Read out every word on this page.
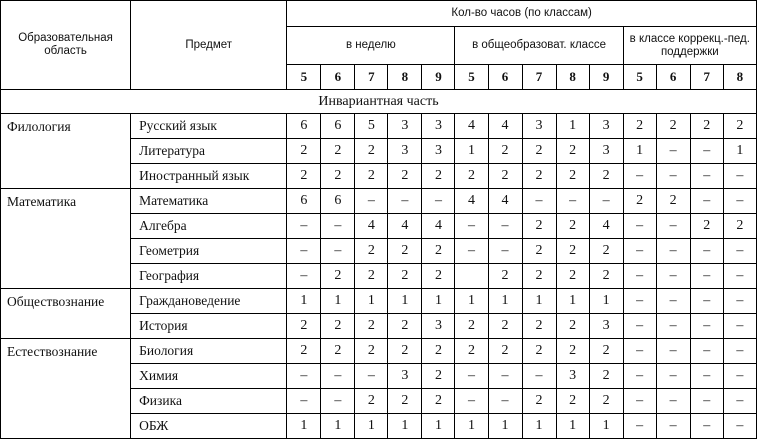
Образовательная область	Предмет	Кол-во часов (по классам)													
		в неделю					в общеобразоват. классе					в классе коррекц.-пед. поддержки			
		5	6	7	8	9	5	6	7	8	9	5	6	7	8
Инвариантная часть															
Филология	Русский язык	6	6	5	3	3	4	4	3	1	3	2	2	2	2
	Литература	2	2	2	3	3	1	2	2	2	3	1	–	–	1
	Иностранный язык	2	2	2	2	2	2	2	2	2	2	–	–	–	–
Математика	Математика	6	6	–	–	–	4	4	–	–	–	2	2	–	–
	Алгебра	–	–	4	4	4	–	–	2	2	4	–	–	2	2
	Геометрия	–	–	2	2	2	–	–	2	2	2	–	–	–	–
	География	–	2	2	2	2		2	2	2	2	–	–	–	–
Обществознание	Граждановедение	1	1	1	1	1	1	1	1	1	1	–	–	–	–
	История	2	2	2	2	3	2	2	2	2	3	–	–	–	–
Естествознание	Биология	2	2	2	2	2	2	2	2	2	2	–	–	–	–
	Химия	–	–	–	3	2	–	–	–	3	2	–	–	–	–
	Физика	–	–	2	2	2	–	–	2	2	2	–	–	–	–
	ОБЖ	1	1	1	1	1	1	1	1	1	1	–	–	–	–
